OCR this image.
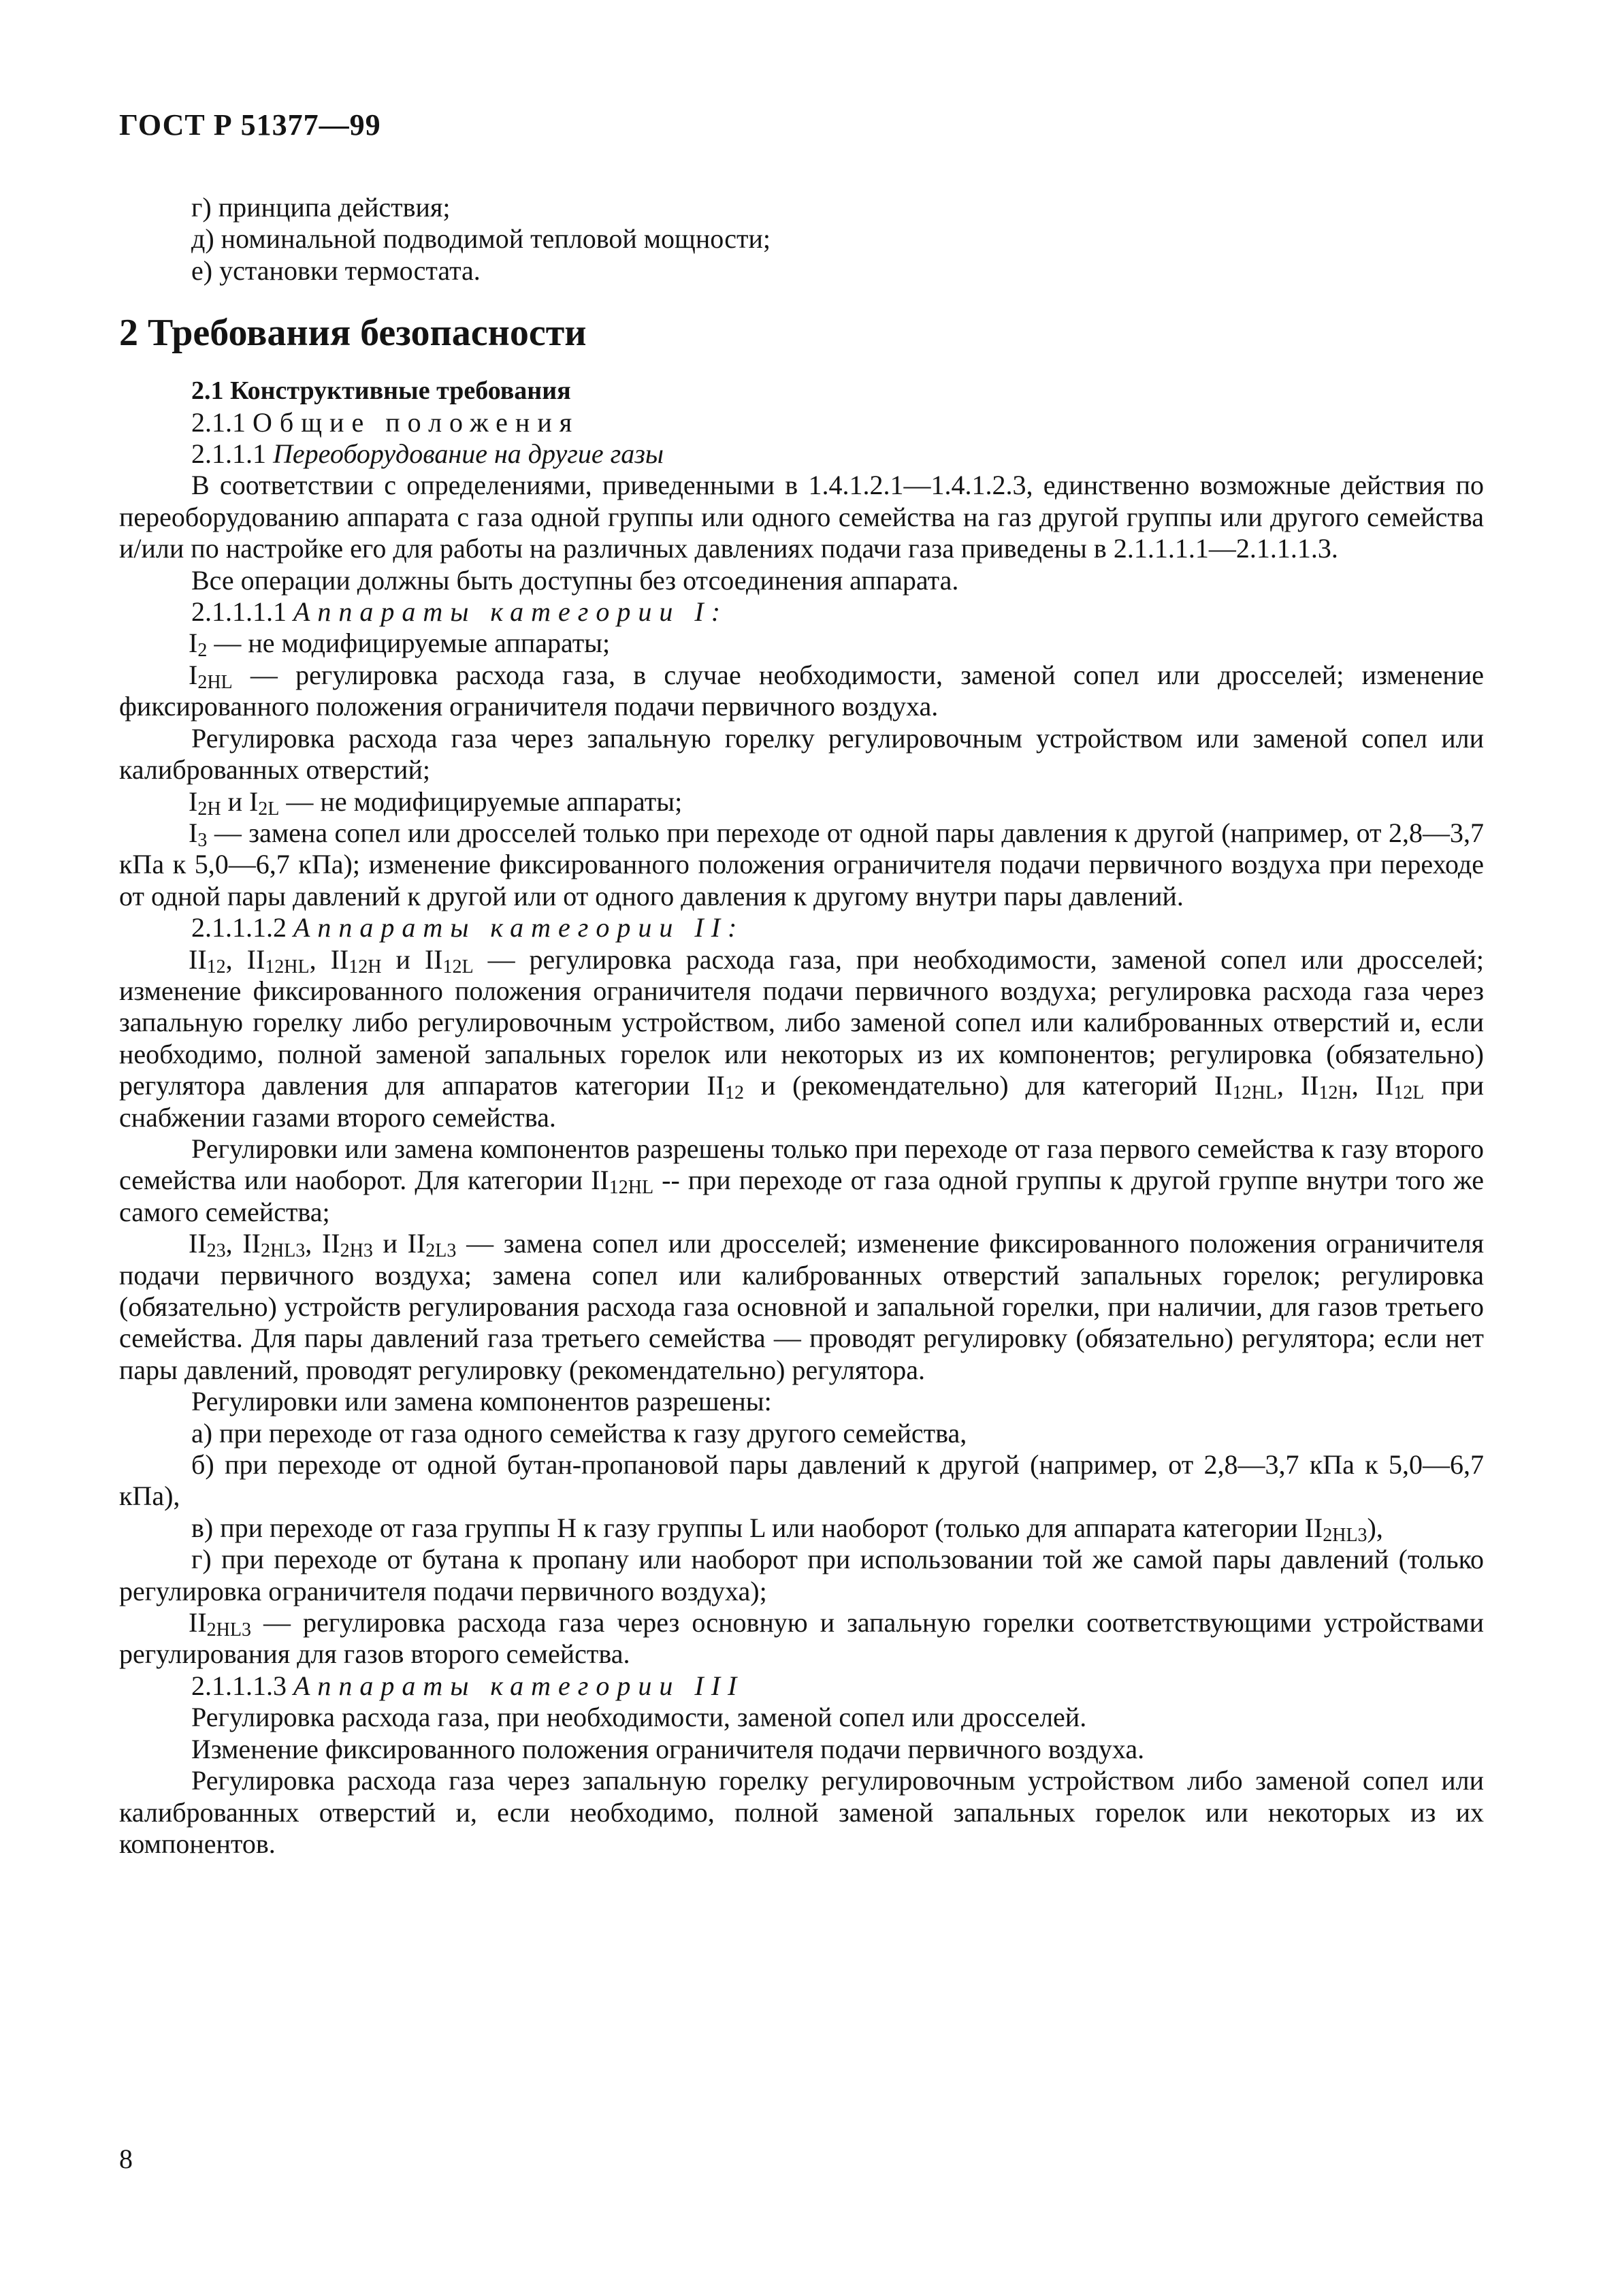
ГОСТ Р 51377—99

г) принципа действия;

д) номинальной подводимой тепловой мощности;

е) установки термостата.

2 Требования безопасности

2.1 Конструктивные требования

2.1.1 Общие положения

2.1.1.1 Переоборудование на другие газы

В соответствии с определениями, приведенными в 1.4.1.2.1—1.4.1.2.3, единственно возможные действия по переоборудованию аппарата с газа одной группы или одного семейства на газ другой группы или другого семейства и/или по настройке его для работы на различных давлениях подачи газа приведены в 2.1.1.1.1—2.1.1.1.3.

Все операции должны быть доступны без отсоединения аппарата.

2.1.1.1.1 Аппараты категории I:

$I_2$ — не модифицируемые аппараты;

$I_{2HL}$ — регулировка расхода газа, в случае необходимости, заменой сопел или дросселей; изменение фиксированного положения ограничителя подачи первичного воздуха.

Регулировка расхода газа через запальную горелку регулировочным устройством или заменой сопел или калиброванных отверстий;

$I_{2H}$ и $I_{2L}$ — не модифицируемые аппараты;

$I_3$ — замена сопел или дросселей только при переходе от одной пары давления к другой (например, от 2,8—3,7 кПа к 5,0—6,7 кПа); изменение фиксированного положения ограничителя подачи первичного воздуха при переходе от одной пары давлений к другой или от одного давления к другому внутри пары давлений.

2.1.1.1.2 Аппараты категории II:

$II_{12}$, $II_{12HL}$, $II_{12H}$ и $II_{12L}$ — регулировка расхода газа, при необходимости, заменой сопел или дросселей; изменение фиксированного положения ограничителя подачи первичного воздуха; регулировка расхода газа через запальную горелку либо регулировочным устройством, либо заменой сопел или калиброванных отверстий и, если необходимо, полной заменой запальных горелок или некоторых из их компонентов; регулировка (обязательно) регулятора давления для аппаратов категории $II_{12}$ и (рекомендательно) для категорий $II_{12HL}$, $II_{12H}$, $II_{12L}$ при снабжении газами второго семейства.

Регулировки или замена компонентов разрешены только при переходе от газа первого семейства к газу второго семейства или наоборот. Для категории $II_{12HL}$ -- при переходе от газа одной группы к другой группе внутри того же самого семейства;

$II_{23}$, $II_{2HL3}$, $II_{2H3}$ и $II_{2L3}$ — замена сопел или дросселей; изменение фиксированного положения ограничителя подачи первичного воздуха; замена сопел или калиброванных отверстий запальных горелок; регулировка (обязательно) устройств регулирования расхода газа основной и запальной горелки, при наличии, для газов третьего семейства. Для пары давлений газа третьего семейства — проводят регулировку (обязательно) регулятора; если нет пары давлений, проводят регулировку (рекомендательно) регулятора.

Регулировки или замена компонентов разрешены:

а) при переходе от газа одного семейства к газу другого семейства,

б) при переходе от одной бутан-пропановой пары давлений к другой (например, от 2,8—3,7 кПа к 5,0—6,7 кПа),

в) при переходе от газа группы Н к газу группы L или наоборот (только для аппарата категории $II_{2HL3}$),

г) при переходе от бутана к пропану или наоборот при использовании той же самой пары давлений (только регулировка ограничителя подачи первичного воздуха);

$II_{2HL3}$ — регулировка расхода газа через основную и запальную горелки соответствующими устройствами регулирования для газов второго семейства.

2.1.1.1.3 Аппараты категории III

Регулировка расхода газа, при необходимости, заменой сопел или дросселей.

Изменение фиксированного положения ограничителя подачи первичного воздуха.

Регулировка расхода газа через запальную горелку регулировочным устройством либо заменой сопел или калиброванных отверстий и, если необходимо, полной заменой запальных горелок или некоторых из их компонентов.

8
